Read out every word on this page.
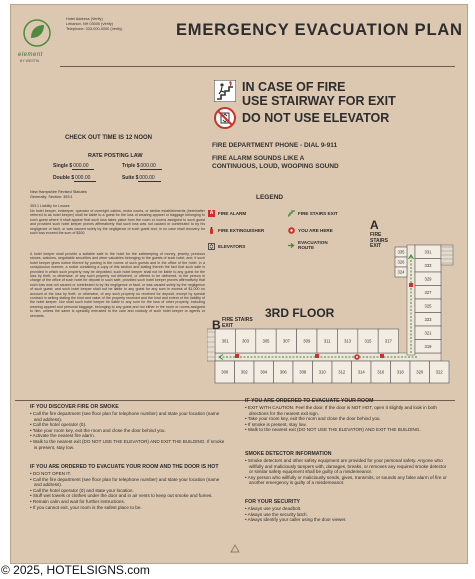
element
BY WESTIN
Hotel Address (Verify)
Lebanon, NH 03000 (Verify)
Telephone: 333-000-0000 (Verify)	EMERGENCY EVACUATION PLAN
IN CASE OF FIRE
USE STAIRWAY FOR EXIT
DO NOT USE ELEVATOR
FIRE DEPARTMENT PHONE - DIAL 9-911
FIRE ALARM SOUNDS LIKE A
CONTINUOUS, LOUD, WOOPING SOUND
CHECK OUT TIME IS 12 NOON
RATE POSTING LAW
Single $000.00	Triple $000.00
Double $000.00	Suite $000.00
New Hampshire Revised Statutes
Generally: Section: 353:1
353:1 Liability for Losses
No hotel keeper, innkeeper, operator of overnight cabins, motor courts, or similar establishments (hereinafter referred to as hotel keeper) shall be liable to a guest for the loss of wearing apparel or baggage belonging to such guest where it shall appear that such loss takes place from the room or rooms assigned to such guest and provided such hotel keeper proves affirmatively that such loss was not caused or contributed to by his negligence or fault, or was caused solely by the negligence of such guest and, in no case shall recovery for such loss exceed the sum of $300.
A hotel keeper shall provide a suitable safe in the hotel for the safekeeping of money, jewelry, precious stones, watches, negotiable securities and other valuables belonging to the guests of such hotel; and, if such hotel keeper gives notice thereof by posting in the rooms of such guests and in the office of the hotel, in a conspicuous manner, a notice containing a copy of this section and stating therein the fact that such safe is provided in which such property may be deposited, such hotel keeper shall not be liable to any guest for the loss by theft, or otherwise, of any such property not delivered, or offered to be delivered, to the person in charge of the office of such hotel for deposit in such safe, provided such hotel keeper proves affirmatively that such loss was not caused or contributed to by his negligence or fault, or was caused solely by the negligence of such guest; and such hotel keeper shall not be liable to any guest for any sum in excess of $1,000 on account of the loss by theft, or otherwise, of any such property so received for deposit, except by special contract in writing stating the kind and value of the property received and the kind and extent of the liability of the hotel keeper. Nor shall such hotel keeper be liable in any sum for the loss of other property, including wearing apparel and personal baggage, belonging to any guest and not either in the room or rooms assigned to him, unless the same is specially entrusted to the care and custody of such hotel keeper or agents or servants.
LEGEND
A	FIRE ALARM	FIRE STAIRS EXIT
FIRE EXTINGUISHER	YOU ARE HERE
ELEVATORS
EVACUATION
ROUTE
301	303	305	307	309	311	313	315	317
300	302	304	306	308	310	312	314	316	318	320	322
331
333
329
327
325
323
321
319
335
326
324
A
FIRE
STAIRS
EXIT
B FIRE STAIRS
EXIT
3RD FLOOR
IF YOU DISCOVER FIRE OR SMOKE
• Call the fire department (see floor plan for telephone number) and state your location (name and address).
• Call the hotel operator (0).
• Take your room key, exit the room and close the door behind you.
• Activate the nearest fire alarm.
• Walk to the nearest exit (DO NOT USE THE ELEVATOR) AND EXIT THE BUILDING. If smoke is present, stay low.
IF YOU ARE ORDERED TO EVACUATE YOUR ROOM AND THE DOOR IS HOT
• DO NOT OPEN IT.
• Call the fire department (see floor plan for telephone number) and state your location (name and address).
• Call the hotel operator (0) and state your location.
• Stuff wet towels or clothes under the door and in air vents to keep out smoke and fumes.
• Remain calm and wait for further instructions.
• If you cannot exit, your room is the safest place to be.
IF YOU ARE ORDERED TO EVACUATE YOUR ROOM
• EXIT WITH CAUTION. Feel the door. If the door is NOT HOT, open it slightly and look in both directions for the nearest exit sign.
• Take your room key, exit the room and close the door behind you.
• If smoke is present, stay low.
• Walk to the nearest exit (DO NOT USE THE ELEVATOR) AND EXIT THE BUILDING.
SMOKE DETECTOR INFORMATION
• Smoke detectors and other safety equipment are provided for your personal safety. Anyone who willfully and maliciously tampers with, damages, breaks, or removes any required smoke detector or similar safety equipment shall be guilty of a misdemeanor.
• Any person who willfully or maliciously sends, gives, transmits, or sounds any false alarm of fire or another emergency is guilty of a misdemeanor.
FOR YOUR SECURITY
• Always use your deadbolt.
• Always use the security latch.
• Always identify your caller using the door viewer.
© 2025, HOTELSIGNS.com
